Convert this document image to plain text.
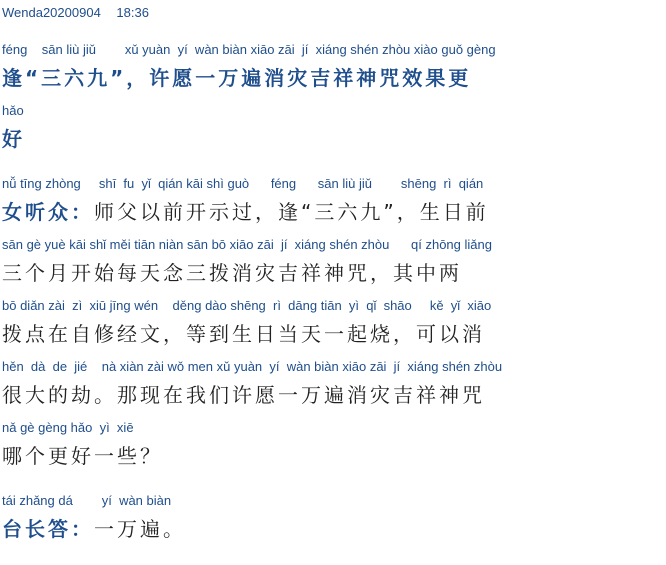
Wenda20200904 18:36
féng    sān liù jiǔ        xǔ yuàn  yí  wàn biàn xiāo zāi  jí  xiáng shén zhòu xiào guǒ gèng
逢“三六九”，许愿一万遍消灾吉祥神咒效果更
hǎo
好
nǚ tīng zhòng     shī  fu  yǐ  qián kāi shì guò      féng      sān liù jiǔ        shēng  rì  qián
女听众：师父以前开示过，逢“三六九”，生日前
sān gè yuè kāi shǐ měi tiān niàn sān bō xiāo zāi  jí  xiáng shén zhòu      qí zhōng liǎng
三个月开始每天念三拨消灾吉祥神咒，其中两
bō diǎn zài  zì  xiū jīng wén    děng dào shēng  rì  dāng tiān  yì  qǐ  shāo     kě  yǐ  xiāo
拨点在自修经文，等到生日当天一起烧，可以消
hěn  dà  de  jié    nà xiàn zài wǒ men xǔ yuàn  yí  wàn biàn xiāo zāi  jí  xiáng shén zhòu
很大的劫。那现在我们许愿一万遍消灾吉祥神咒
nǎ gè gèng hǎo  yì  xiē
哪个更好一些？
tái zhǎng dá        yí  wàn biàn
台长答：一万遍。
